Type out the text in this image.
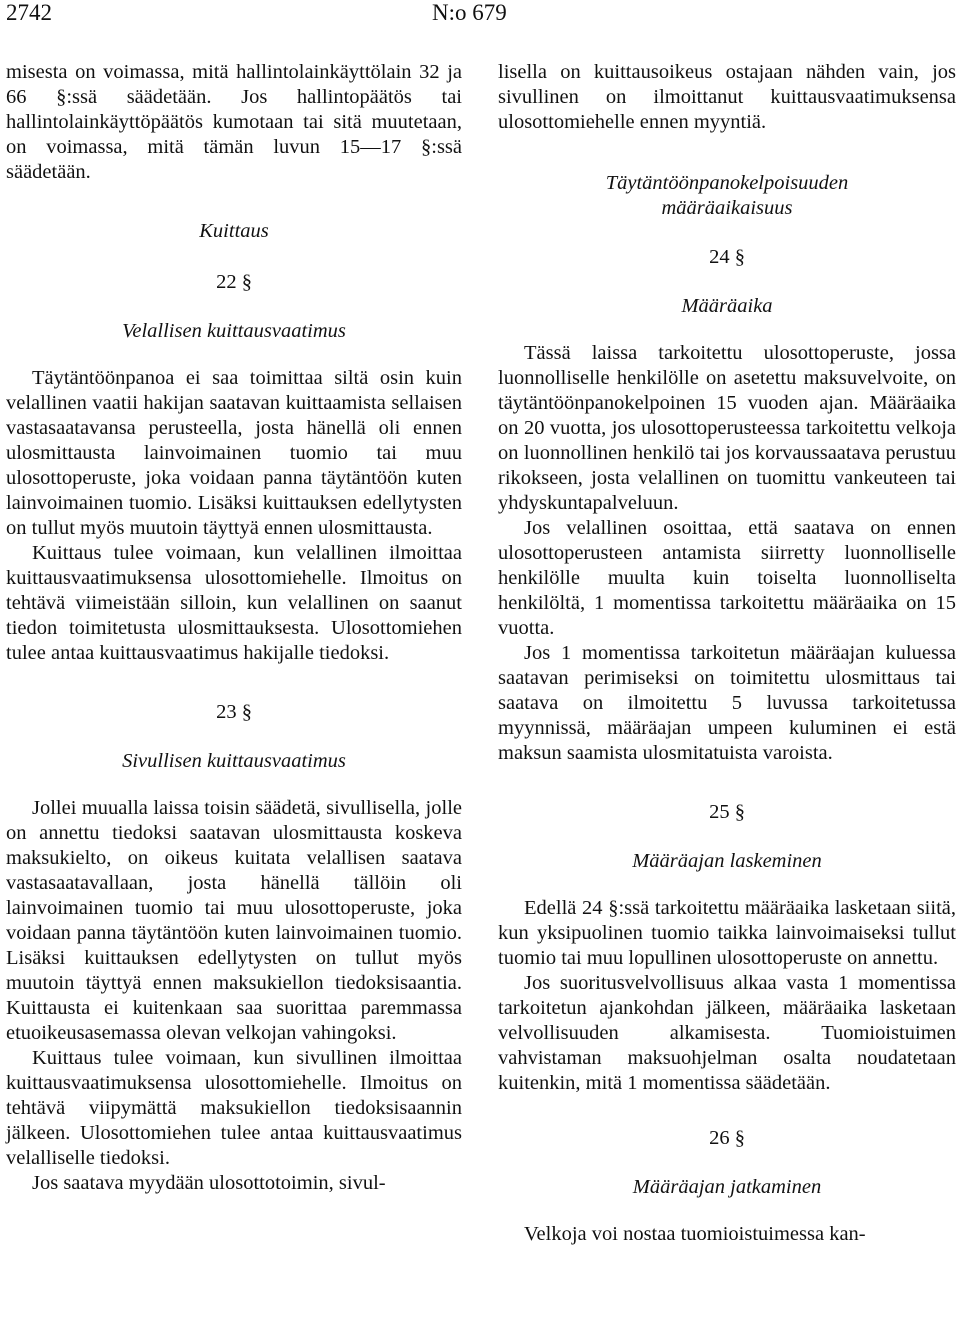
2742	N:o 679

misesta on voimassa, mitä hallintolainkäyttölain 32 ja 66 §:ssä säädetään. Jos hallintopäätös tai hallintolainkäyttöpäätös kumotaan tai sitä muutetaan, on voimassa, mitä tämän luvun 15—17 §:ssä säädetään.

Kuittaus
22 §
Velallisen kuittausvaatimus

Täytäntöönpanoa ei saa toimittaa siltä osin kuin velallinen vaatii hakijan saatavan kuittaamista sellaisen vastasaatavansa perusteella, josta hänellä oli ennen ulosmittausta lainvoimainen tuomio tai muu ulosottoperuste, joka voidaan panna täytäntöön kuten lainvoimainen tuomio. Lisäksi kuittauksen edellytysten on tullut myös muutoin täyttyä ennen ulosmittausta.

Kuittaus tulee voimaan, kun velallinen ilmoittaa kuittausvaatimuksensa ulosottomiehelle. Ilmoitus on tehtävä viimeistään silloin, kun velallinen on saanut tiedon toimitetusta ulosmittauksesta. Ulosottomiehen tulee antaa kuittausvaatimus hakijalle tiedoksi.

23 §
Sivullisen kuittausvaatimus

Jollei muualla laissa toisin säädetä, sivullisella, jolle on annettu tiedoksi saatavan ulosmittausta koskeva maksukielto, on oikeus kuitata velallisen saatava vastasaatavallaan, josta hänellä tällöin oli lainvoimainen tuomio tai muu ulosottoperuste, joka voidaan panna täytäntöön kuten lainvoimainen tuomio. Lisäksi kuittauksen edellytysten on tullut myös muutoin täyttyä ennen maksukiellon tiedoksisaantia. Kuittausta ei kuitenkaan saa suorittaa paremmassa etuoikeusasemassa olevan velkojan vahingoksi.

Kuittaus tulee voimaan, kun sivullinen ilmoittaa kuittausvaatimuksensa ulosottomiehelle. Ilmoitus on tehtävä viipymättä maksukiellon tiedoksisaannin jälkeen. Ulosottomiehen tulee antaa kuittausvaatimus velalliselle tiedoksi.

Jos saatava myydään ulosottotoimin, sivul-

lisella on kuittausoikeus ostajaan nähden vain, jos sivullinen on ilmoittanut kuittausvaatimuksensa ulosottomiehelle ennen myyntiä.

Täytäntöönpanokelpoisuuden
määräaikaisuus
24 §
Määräaika

Tässä laissa tarkoitettu ulosottoperuste, jossa luonnolliselle henkilölle on asetettu maksuvelvoite, on täytäntöönpanokelpoinen 15 vuoden ajan. Määräaika on 20 vuotta, jos ulosottoperusteessa tarkoitettu velkoja on luonnollinen henkilö tai jos korvaussaatava perustuu rikokseen, josta velallinen on tuomittu vankeuteen tai yhdyskuntapalveluun.

Jos velallinen osoittaa, että saatava on ennen ulosottoperusteen antamista siirretty luonnolliselle henkilölle muulta kuin toiselta luonnolliselta henkilöltä, 1 momentissa tarkoitettu määräaika on 15 vuotta.

Jos 1 momentissa tarkoitetun määräajan kuluessa saatavan perimiseksi on toimitettu ulosmittaus tai saatava on ilmoitettu 5 luvussa tarkoitetussa myynnissä, määräajan umpeen kuluminen ei estä maksun saamista ulosmitatuista varoista.

25 §
Määräajan laskeminen

Edellä 24 §:ssä tarkoitettu määräaika lasketaan siitä, kun yksipuolinen tuomio taikka lainvoimaiseksi tullut tuomio tai muu lopullinen ulosottoperuste on annettu.

Jos suoritusvelvollisuus alkaa vasta 1 momentissa tarkoitetun ajankohdan jälkeen, määräaika lasketaan velvollisuuden alkamisesta. Tuomioistuimen vahvistaman maksuohjelman osalta noudatetaan kuitenkin, mitä 1 momentissa säädetään.

26 §
Määräajan jatkaminen

Velkoja voi nostaa tuomioistuimessa kan-
